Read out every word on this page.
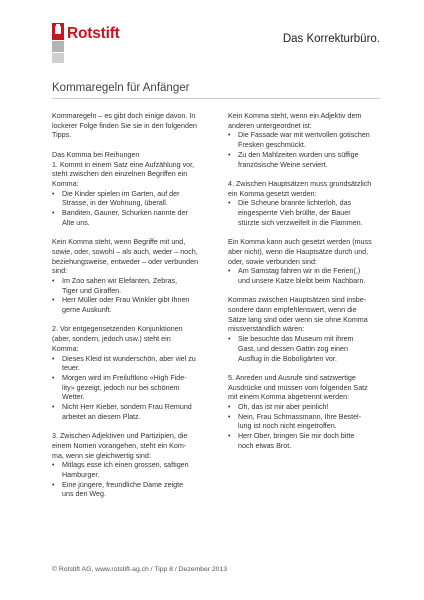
Rotstift	Das Korrekturbüro.
Kommaregeln für Anfänger
Kommaregeln – es gibt doch einige davon. In
lockerer Folge finden Sie sie in den folgenden
Tipps.
Das Komma bei Reihungen
1. Kommt in einem Satz eine Aufzählung vor,
steht zwischen den einzelnen Begriffen ein
Komma:
• Die Kinder spielen im Garten, auf der
Strasse, in der Wohnung, überall.
• Banditen, Gauner, Schurken nannte der
Alte uns.
Kein Komma steht, wenn Begriffe mit und,
sowie, oder, sowohl – als auch, weder – noch,
beziehungsweise, entweder – oder verbunden
sind:
• Im Zoo sahen wir Elefanten, Zebras,
Tiger und Giraffen.
• Herr Müller oder Frau Winkler gibt Ihnen
gerne Auskunft.
2. Vor entgegensetzenden Konjunktionen
(aber, sondern, jedoch usw.) steht ein
Komma:
• Dieses Kleid ist wunderschön, aber viel zu
teuer.
• Morgen wird im Freiluftkino «High Fide-
lity» gezeigt, jedoch nur bei schönem
Wetter.
• Nicht Herr Kieber, sondern Frau Remund
arbeitet an diesem Platz.
3. Zwischen Adjektiven und Partizipien, die
einem Nomen vorangehen, steht ein Kom-
ma, wenn sie gleichwertig sind:
• Mitlags esse ich einen grossen, saftigen
Hamburger.
• Eine jüngere, freundliche Dame zeigte
uns den Weg.
Kein Komma steht, wenn ein Adjektiv dem
anderen untergeordnet ist:
• Die Fassade war mit wertvollen gotischen
Fresken geschmückt.
• Zu den Mahlzeiten wurden uns süffige
französische Weine serviert.
4. Zwischen Hauptsätzen muss grundsätzlich
ein Komma gesetzt werden:
• Die Scheune brannte lichterloh, das
eingesperrte Vieh brüllte, der Bauer
stürzte sich verzweifelt in die Flammen.
Ein Komma kann auch gesetzt werden (muss
aber nicht), wenn die Hauptsätze durch und,
oder, sowie verbunden sind:
• Am Samstag fahren wir in die Ferien(,)
und unsere Katze bleibt beim Nachbarn.
Kommas zwischen Hauptsätzen sind insbe-
sondere dann empfehlenswert, wenn die
Sätze lang sind oder wenn sie ohne Komma
missverständlich wären:
• Sie besuchte das Museum mit ihrem
Gast, und dessen Gattin zog einen
Ausflug in die Bobolìgärten vor.
5. Anreden und Ausrufe sind satzwertige
Ausdrücke und müssen vom folgenden Satz
mit einem Komma abgetrennt werden:
• Oh, das ist mir aber peinlich!
• Nein, Frau Schmassmann, Ihre Bestel-
lung ist noch nicht eingetroffen.
• Herr Ober, bringen Sie mir doch bitte
noch etwas Brot.
© Rotstift AG, www.rotstift-ag.ch / Tipp 8 / Dezember 2013
